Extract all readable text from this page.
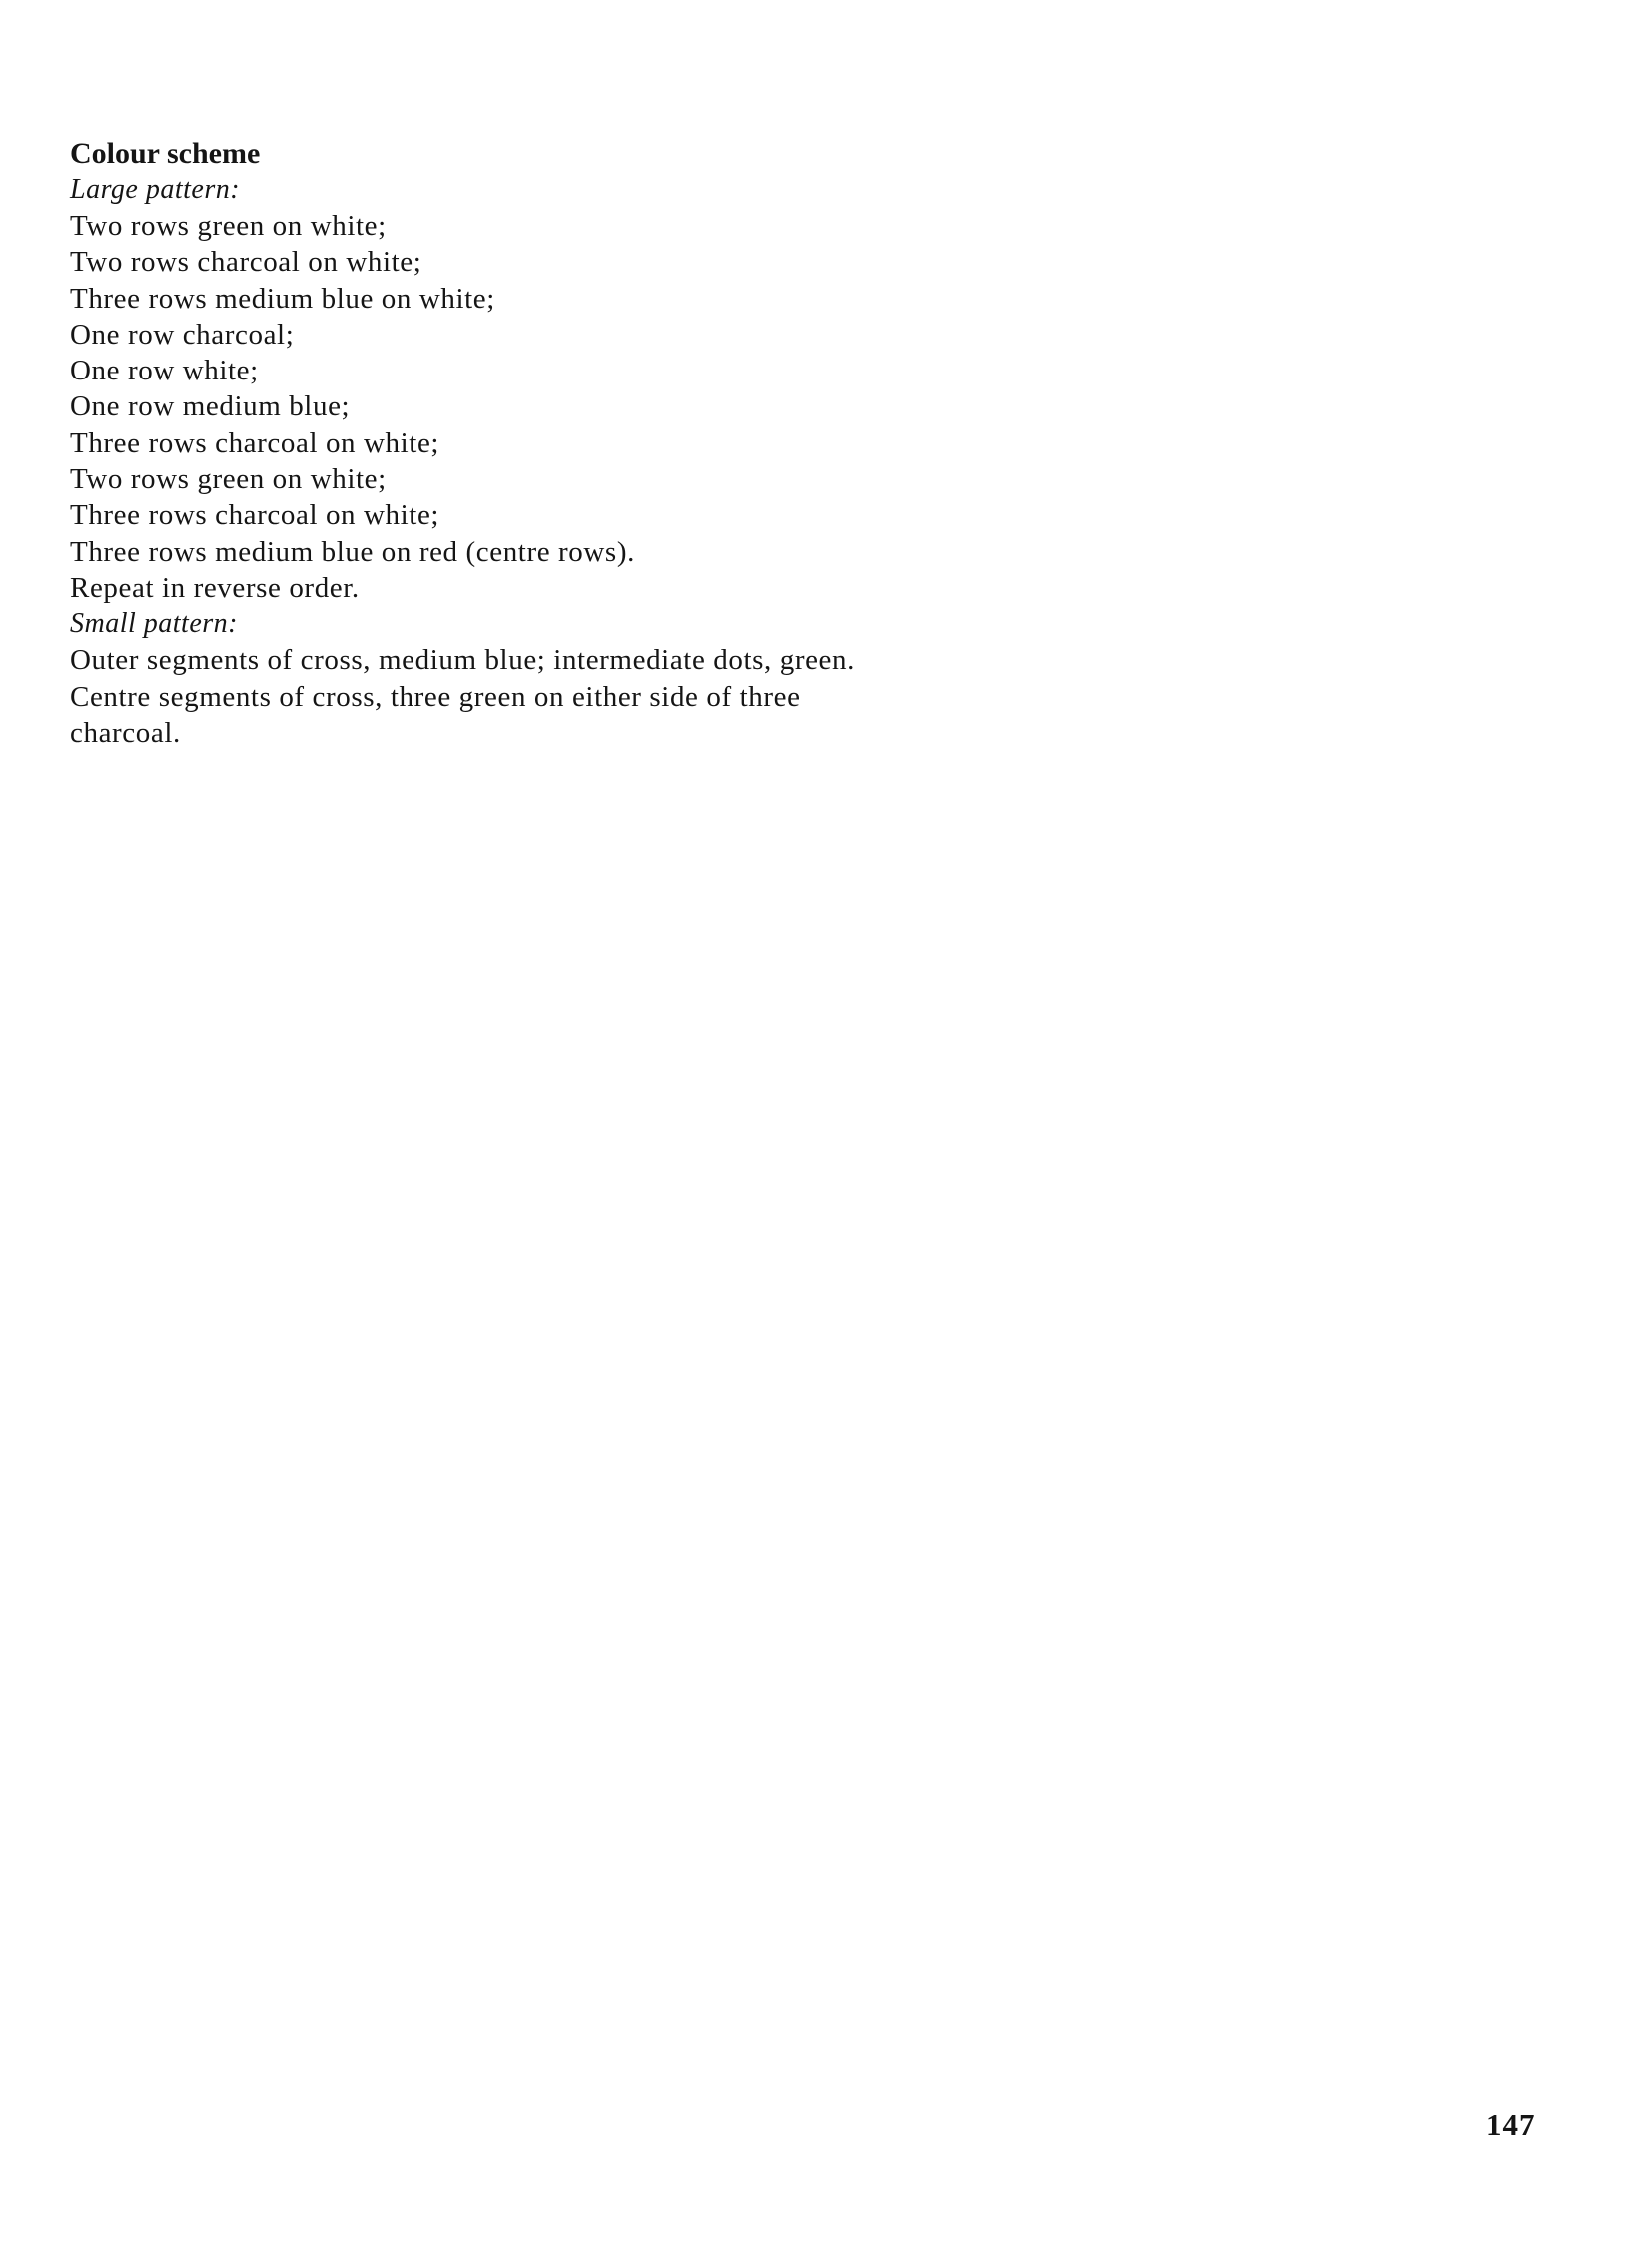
Colour scheme

Large pattern:

Two rows green on white;

Two rows charcoal on white;

Three rows medium blue on white;

One row charcoal;

One row white;

One row medium blue;

Three rows charcoal on white;

Two rows green on white;

Three rows charcoal on white;

Three rows medium blue on red (centre rows).

Repeat in reverse order.

Small pattern:

Outer segments of cross, medium blue; intermediate dots, green.

Centre segments of cross, three green on either side of three

charcoal.

147
